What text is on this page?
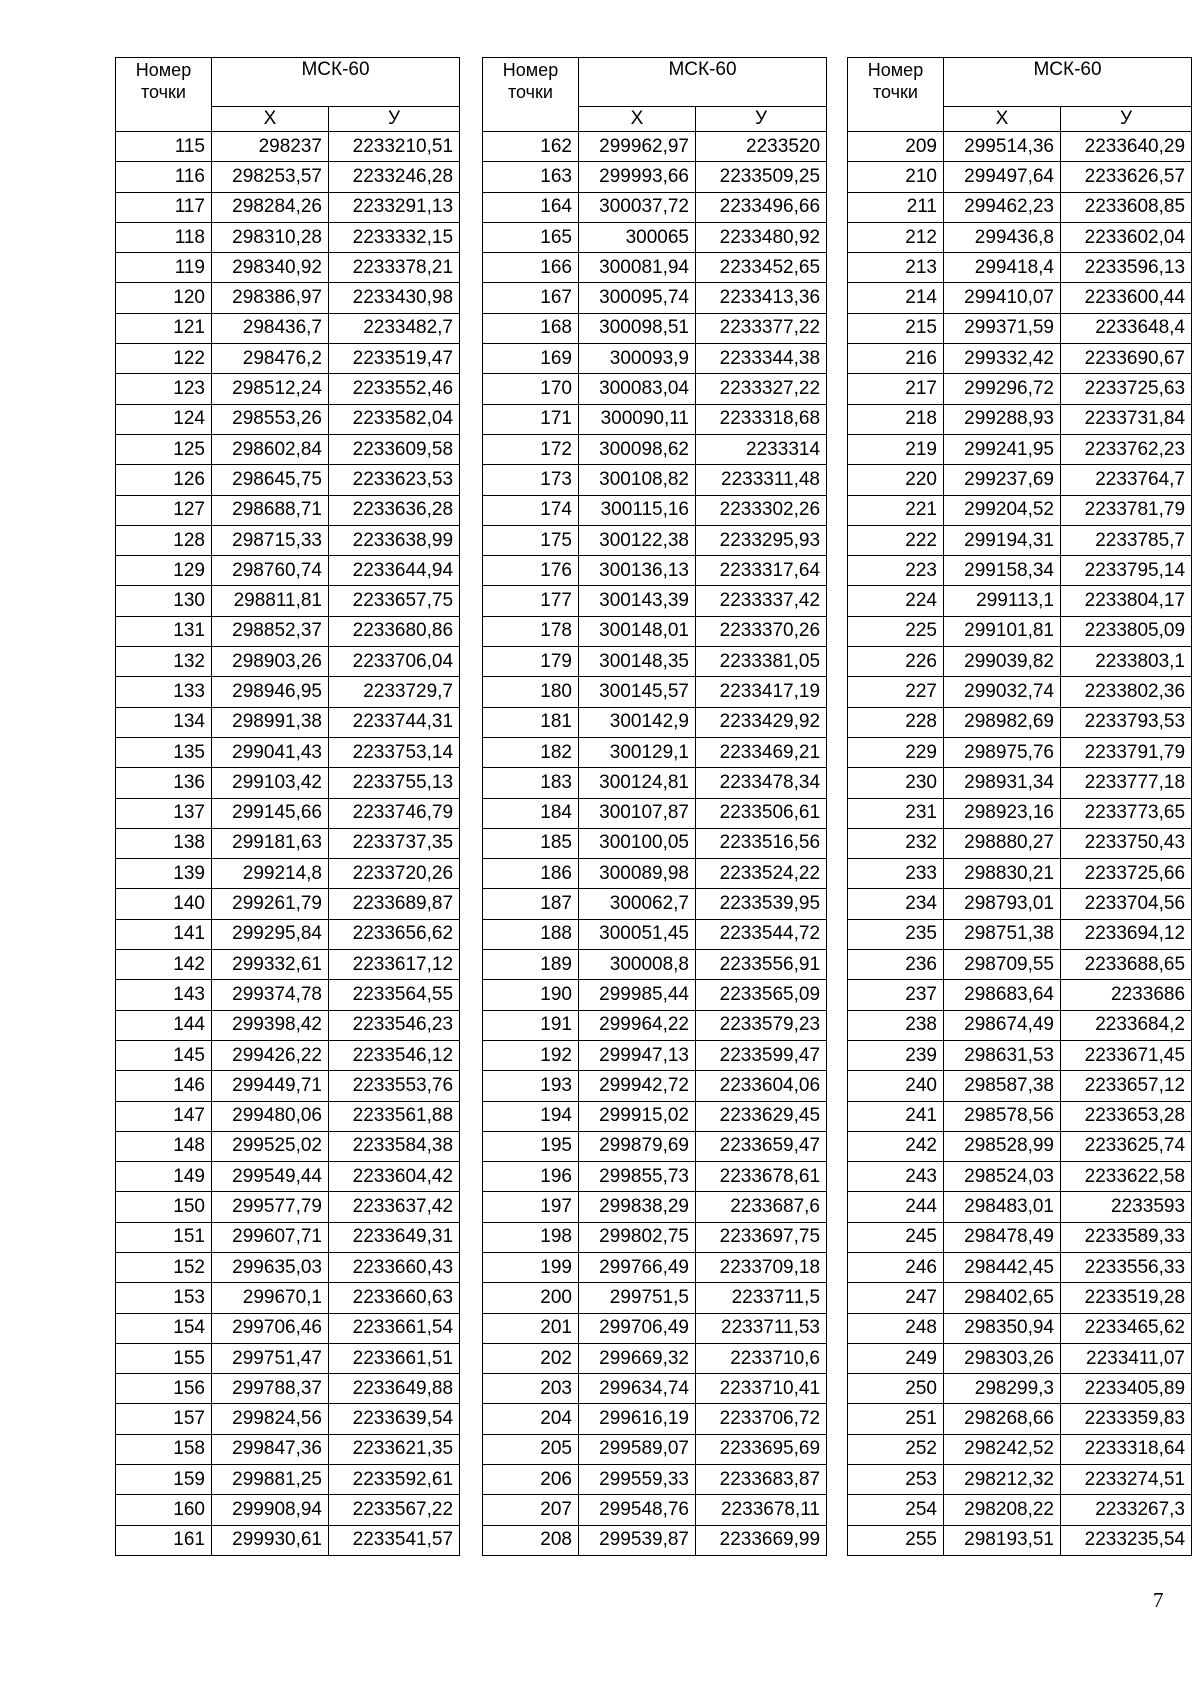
Номер точки	МСК-60	
	Х	У
115	298237	2233210,51
116	298253,57	2233246,28
117	298284,26	2233291,13
118	298310,28	2233332,15
119	298340,92	2233378,21
120	298386,97	2233430,98
121	298436,7	2233482,7
122	298476,2	2233519,47
123	298512,24	2233552,46
124	298553,26	2233582,04
125	298602,84	2233609,58
126	298645,75	2233623,53
127	298688,71	2233636,28
128	298715,33	2233638,99
129	298760,74	2233644,94
130	298811,81	2233657,75
131	298852,37	2233680,86
132	298903,26	2233706,04
133	298946,95	2233729,7
134	298991,38	2233744,31
135	299041,43	2233753,14
136	299103,42	2233755,13
137	299145,66	2233746,79
138	299181,63	2233737,35
139	299214,8	2233720,26
140	299261,79	2233689,87
141	299295,84	2233656,62
142	299332,61	2233617,12
143	299374,78	2233564,55
144	299398,42	2233546,23
145	299426,22	2233546,12
146	299449,71	2233553,76
147	299480,06	2233561,88
148	299525,02	2233584,38
149	299549,44	2233604,42
150	299577,79	2233637,42
151	299607,71	2233649,31
152	299635,03	2233660,43
153	299670,1	2233660,63
154	299706,46	2233661,54
155	299751,47	2233661,51
156	299788,37	2233649,88
157	299824,56	2233639,54
158	299847,36	2233621,35
159	299881,25	2233592,61
160	299908,94	2233567,22
161	299930,61	2233541,57
Номер точки	МСК-60	
	Х	У
162	299962,97	2233520
163	299993,66	2233509,25
164	300037,72	2233496,66
165	300065	2233480,92
166	300081,94	2233452,65
167	300095,74	2233413,36
168	300098,51	2233377,22
169	300093,9	2233344,38
170	300083,04	2233327,22
171	300090,11	2233318,68
172	300098,62	2233314
173	300108,82	2233311,48
174	300115,16	2233302,26
175	300122,38	2233295,93
176	300136,13	2233317,64
177	300143,39	2233337,42
178	300148,01	2233370,26
179	300148,35	2233381,05
180	300145,57	2233417,19
181	300142,9	2233429,92
182	300129,1	2233469,21
183	300124,81	2233478,34
184	300107,87	2233506,61
185	300100,05	2233516,56
186	300089,98	2233524,22
187	300062,7	2233539,95
188	300051,45	2233544,72
189	300008,8	2233556,91
190	299985,44	2233565,09
191	299964,22	2233579,23
192	299947,13	2233599,47
193	299942,72	2233604,06
194	299915,02	2233629,45
195	299879,69	2233659,47
196	299855,73	2233678,61
197	299838,29	2233687,6
198	299802,75	2233697,75
199	299766,49	2233709,18
200	299751,5	2233711,5
201	299706,49	2233711,53
202	299669,32	2233710,6
203	299634,74	2233710,41
204	299616,19	2233706,72
205	299589,07	2233695,69
206	299559,33	2233683,87
207	299548,76	2233678,11
208	299539,87	2233669,99
Номер точки	МСК-60	
	Х	У
209	299514,36	2233640,29
210	299497,64	2233626,57
211	299462,23	2233608,85
212	299436,8	2233602,04
213	299418,4	2233596,13
214	299410,07	2233600,44
215	299371,59	2233648,4
216	299332,42	2233690,67
217	299296,72	2233725,63
218	299288,93	2233731,84
219	299241,95	2233762,23
220	299237,69	2233764,7
221	299204,52	2233781,79
222	299194,31	2233785,7
223	299158,34	2233795,14
224	299113,1	2233804,17
225	299101,81	2233805,09
226	299039,82	2233803,1
227	299032,74	2233802,36
228	298982,69	2233793,53
229	298975,76	2233791,79
230	298931,34	2233777,18
231	298923,16	2233773,65
232	298880,27	2233750,43
233	298830,21	2233725,66
234	298793,01	2233704,56
235	298751,38	2233694,12
236	298709,55	2233688,65
237	298683,64	2233686
238	298674,49	2233684,2
239	298631,53	2233671,45
240	298587,38	2233657,12
241	298578,56	2233653,28
242	298528,99	2233625,74
243	298524,03	2233622,58
244	298483,01	2233593
245	298478,49	2233589,33
246	298442,45	2233556,33
247	298402,65	2233519,28
248	298350,94	2233465,62
249	298303,26	2233411,07
250	298299,3	2233405,89
251	298268,66	2233359,83
252	298242,52	2233318,64
253	298212,32	2233274,51
254	298208,22	2233267,3
255	298193,51	2233235,54
7
